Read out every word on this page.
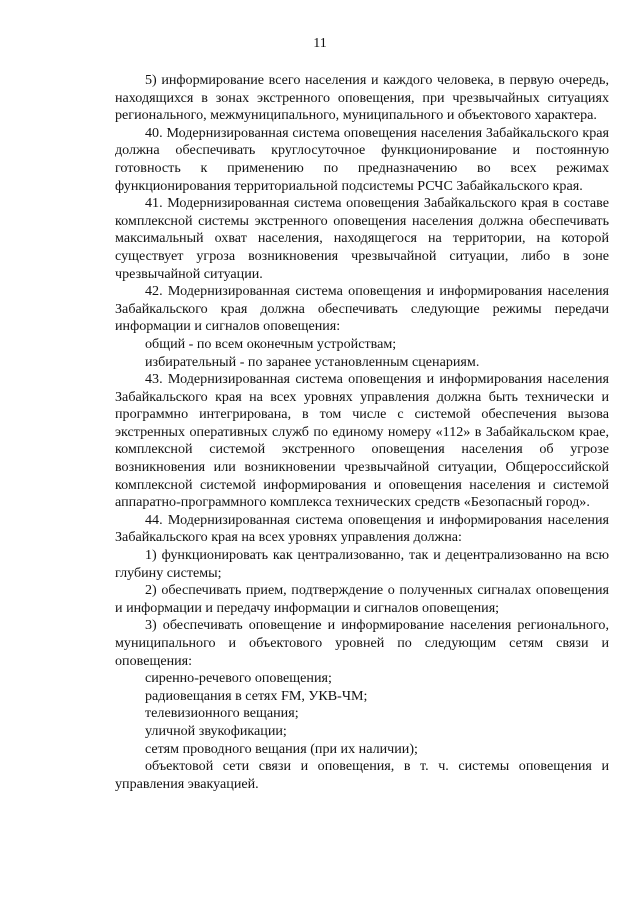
11

5) информирование всего населения и каждого человека, в первую очередь, находящихся в зонах экстренного оповещения, при чрезвычайных ситуациях регионального, межмуниципального, муниципального и объектового характера.

40. Модернизированная система оповещения населения Забайкальского края должна обеспечивать круглосуточное функционирование и постоянную готовность к применению по предназначению во всех режимах функционирования территориальной подсистемы РСЧС Забайкальского края.

41. Модернизированная система оповещения Забайкальского края в составе комплексной системы экстренного оповещения населения должна обеспечивать максимальный охват населения, находящегося на территории, на которой существует угроза возникновения чрезвычайной ситуации, либо в зоне чрезвычайной ситуации.

42. Модернизированная система оповещения и информирования населения Забайкальского края должна обеспечивать следующие режимы передачи информации и сигналов оповещения:

общий - по всем оконечным устройствам;

избирательный - по заранее установленным сценариям.

43. Модернизированная система оповещения и информирования населения Забайкальского края на всех уровнях управления должна быть технически и программно интегрирована, в том числе с системой обеспечения вызова экстренных оперативных служб по единому номеру «112» в Забайкальском крае, комплексной системой экстренного оповещения населения об угрозе возникновения или возникновении чрезвычайной ситуации, Общероссийской комплексной системой информирования и оповещения населения и системой аппаратно-программного комплекса технических средств «Безопасный город».

44. Модернизированная система оповещения и информирования населения Забайкальского края на всех уровнях управления должна:

1) функционировать как централизованно, так и децентрализованно на всю глубину системы;

2) обеспечивать прием, подтверждение о полученных сигналах оповещения и информации и передачу информации и сигналов оповещения;

3) обеспечивать оповещение и информирование населения регионального, муниципального и объектового уровней по следующим сетям связи и оповещения:

сиренно-речевого оповещения;

радиовещания в сетях FM, УКВ-ЧМ;

телевизионного вещания;

уличной звукофикации;

сетям проводного вещания (при их наличии);

объектовой сети связи и оповещения, в т. ч. системы оповещения и управления эвакуацией.
